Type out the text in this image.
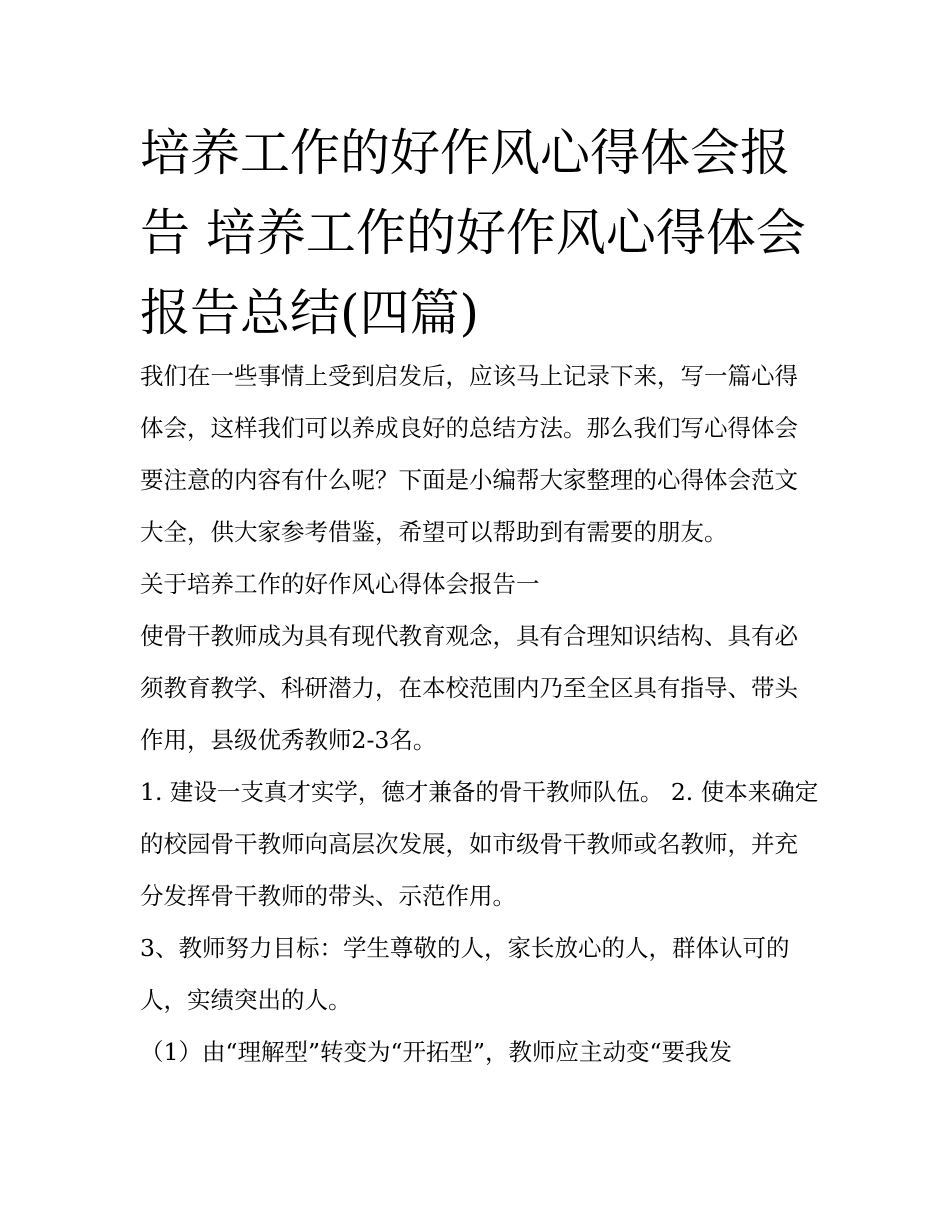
培养工作的好作风心得体会报告 培养工作的好作风心得体会报告总结(四篇)

我们在一些事情上受到启发后，应该马上记录下来，写一篇心得体会，这样我们可以养成良好的总结方法。那么我们写心得体会要注意的内容有什么呢？下面是小编帮大家整理的心得体会范文大全，供大家参考借鉴，希望可以帮助到有需要的朋友。

关于培养工作的好作风心得体会报告一

使骨干教师成为具有现代教育观念，具有合理知识结构、具有必须教育教学、科研潜力，在本校范围内乃至全区具有指导、带头作用，县级优秀教师2-3名。

1. 建设一支真才实学，德才兼备的骨干教师队伍。 2. 使本来确定的校园骨干教师向高层次发展，如市级骨干教师或名教师，并充分发挥骨干教师的带头、示范作用。

3、教师努力目标：学生尊敬的人，家长放心的人，群体认可的人，实绩突出的人。

（1）由“理解型”转变为“开拓型”，教师应主动变“要我发
